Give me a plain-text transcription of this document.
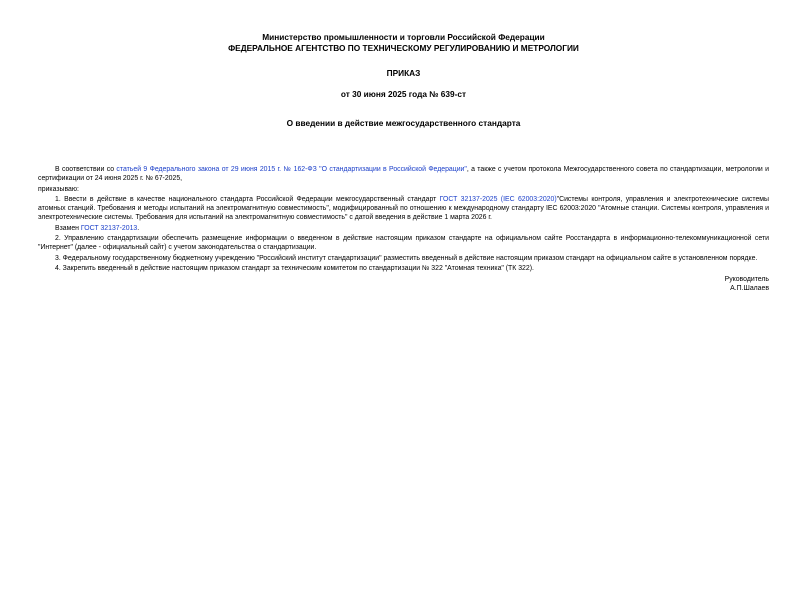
Министерство промышленности и торговли Российской Федерации
ФЕДЕРАЛЬНОЕ АГЕНТСТВО ПО ТЕХНИЧЕСКОМУ РЕГУЛИРОВАНИЮ И МЕТРОЛОГИИ
ПРИКАЗ
от 30 июня 2025 года № 639-ст
О введении в действие межгосударственного стандарта

В соответствии со статьей 9 Федерального закона от 29 июня 2015 г. № 162-ФЗ "О стандартизации в Российской Федерации", а также с учетом протокола Межгосударственного совета по стандартизации, метрологии и сертификации от 24 июня 2025 г. № 67-2025,

приказываю:

1. Ввести в действие в качестве национального стандарта Российской Федерации межгосударственный стандарт ГОСТ 32137-2025 (IEC 62003:2020)"Системы контроля, управления и электротехнические системы атомных станций. Требования и методы испытаний на электромагнитную совместимость", модифицированный по отношению к международному стандарту IEC 62003:2020 "Атомные станции. Системы контроля, управления и электротехнические системы. Требования для испытаний на электромагнитную совместимость" с датой введения в действие 1 марта 2026 г.

Взамен ГОСТ 32137-2013.

2. Управлению стандартизации обеспечить размещение информации о введенном в действие настоящим приказом стандарте на официальном сайте Росстандарта в информационно-телекоммуникационной сети "Интернет" (далее - официальный сайт) с учетом законодательства о стандартизации.

3. Федеральному государственному бюджетному учреждению "Российский институт стандартизации" разместить введенный в действие настоящим приказом стандарт на официальном сайте в установленном порядке.

4. Закрепить введенный в действие настоящим приказом стандарт за техническим комитетом по стандартизации № 322 "Атомная техника" (ТК 322).

Руководитель
А.П.Шалаев
